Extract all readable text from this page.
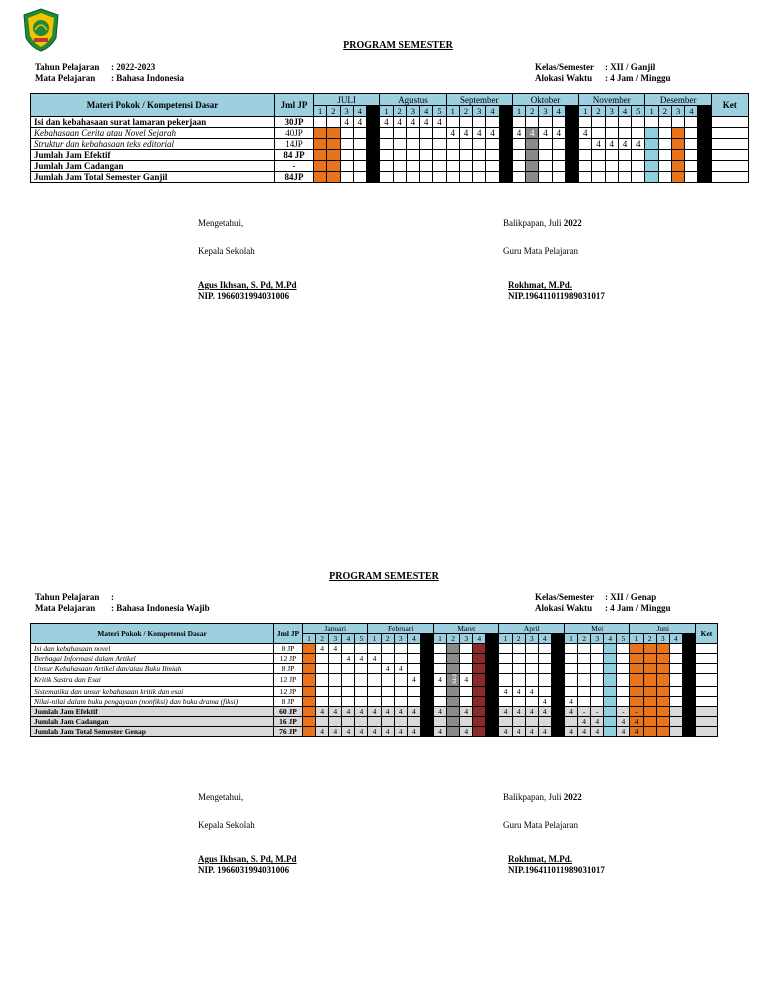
PROGRAM SEMESTER
Tahun Pelajaran : 2022-2023
Mata Pelajaran : Bahasa Indonesia
Kelas/Semester : XII / Ganjil
Alokasi Waktu : 4 Jam / Minggu
Materi Pokok / Kompetensi Dasar	Jml JP	JULI					Agustus					September					Oktober					November					Desember					Ket
		1	2	3	4		1	2	3	4	5	1	2	3	4		1	2	3	4		1	2	3	4	5	1	2	3	4		
Isi dan kebahasaan surat lamaran pekerjaan	30JP			4	4		4	4	4	4	4																					
Kebahasaan Cerita atau Novel Sejarah	40JP											4	4	4	4		4	4	4	4		4										
Struktur dan kebahasaan teks editorial	14JP																						4	4	4	4						
Jumlah Jam Efektif	84 JP																															
Jumlah Jam Cadangan	-																															
Jumlah Jam Total Semester Ganjil	84JP																															
Mengetahui,
Kepala Sekolah
Agus Ikhsan, S. Pd, M.Pd
NIP. 1966031994031006
Balikpapan, Juli 2022
Guru Mata Pelajaran
Rokhmat, M.Pd.
NIP.196411011989031017
PROGRAM SEMESTER
Tahun Pelajaran :
Mata Pelajaran : Bahasa Indonesia Wajib
Kelas/Semester : XII / Genap
Alokasi Waktu : 4 Jam / Minggu
Materi Pokok / Kompetensi Dasar	Jml JP	Januari					Februari					Maret					April					Mei					Juni					Ket
		1	2	3	4	5	1	2	3	4		1	2	3	4		1	2	3	4		1	2	3	4	5	1	2	3	4		
Isi dan kebahasaan novel	8 JP		4	4																												
Berbagai Informasi dalam Artikel	12 JP				4	4	4																									
Unsur Kebahasaan Artikel dan/atau Buku Ilmiah	8 JP							4	4																							
Kritik Sastra dan Esai	12 JP									4		4	UTS	4																		
Sistematika dan unsur kebahasaan kritik dan esai	12 JP																4	4	4													
Nilai-nilai dalam buku pengayaan (nonfiksi) dan buku drama (fiksi)	8 JP																			4		4										
Jumlah Jam Efektif	60 JP		4	4	4	4	4	4	4	4		4		4			4	4	4	4		4	-	-		-	-					
Jumlah Jam Cadangan	16 JP																						4	4		4	4					
Jumlah Jam Total Semester Genap	76 JP		4	4	4	4	4	4	4	4		4		4			4	4	4	4		4	4	4		4	4					
Mengetahui,
Kepala Sekolah
Agus Ikhsan, S. Pd, M.Pd
NIP. 1966031994031006
Balikpapan, Juli 2022
Guru Mata Pelajaran
Rokhmat, M.Pd.
NIP.196411011989031017
